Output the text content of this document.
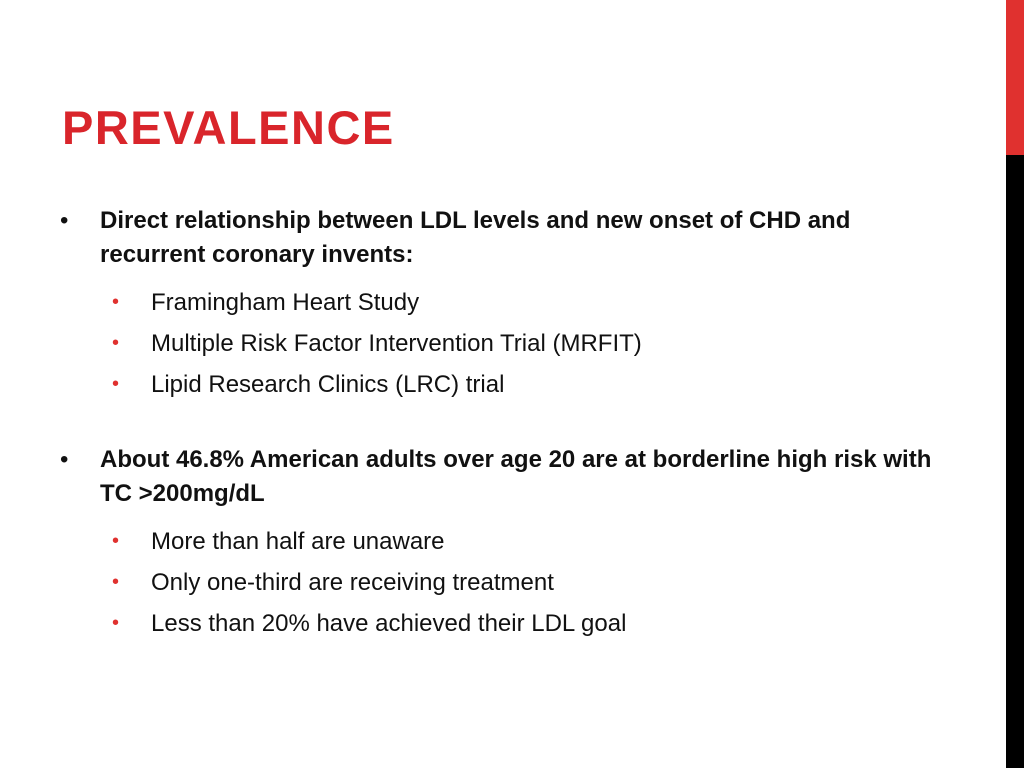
PREVALENCE
•	Direct relationship between LDL levels and new onset of CHD and recurrent coronary invents:
• Framingham Heart Study
• Multiple Risk Factor Intervention Trial (MRFIT)
• Lipid Research Clinics (LRC) trial
•	About 46.8% American adults over age 20 are at borderline high risk with TC >200mg/dL
• More than half are unaware
• Only one-third are receiving treatment
• Less than 20% have achieved their LDL goal
